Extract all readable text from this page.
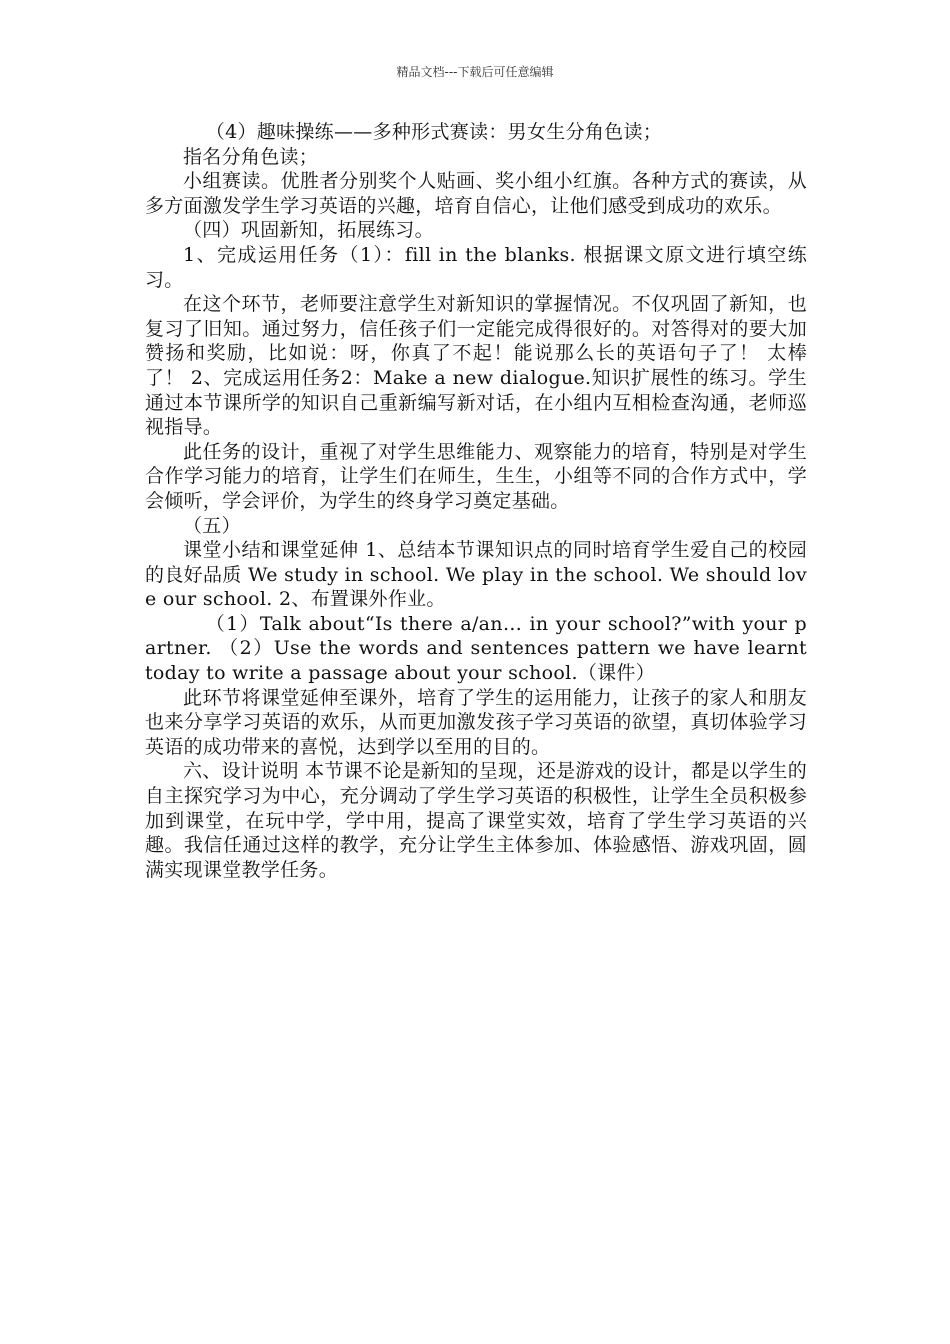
精品文档---下载后可任意编辑

（4）趣味操练——多种形式赛读：男女生分角色读；

指名分角色读；

小组赛读。优胜者分别奖个人贴画、奖小组小红旗。各种方式的赛读，从多方面激发学生学习英语的兴趣，培育自信心，让他们感受到成功的欢乐。

（四）巩固新知，拓展练习。

1、完成运用任务（1）：fill in the blanks. 根据课文原文进行填空练习。

在这个环节，老师要注意学生对新知识的掌握情况。不仅巩固了新知，也复习了旧知。通过努力，信任孩子们一定能完成得很好的。对答得对的要大加赞扬和奖励，比如说：呀，你真了不起！能说那么长的英语句子了！ 太棒了！ 2、完成运用任务2：Make a new dialogue.知识扩展性的练习。学生通过本节课所学的知识自己重新编写新对话，在小组内互相检查沟通，老师巡视指导。

此任务的设计，重视了对学生思维能力、观察能力的培育，特别是对学生合作学习能力的培育，让学生们在师生，生生，小组等不同的合作方式中，学会倾听，学会评价，为学生的终身学习奠定基础。

（五）

课堂小结和课堂延伸 1、总结本节课知识点的同时培育学生爱自己的校园的良好品质 We study in school. We play in the school. We should love our school. 2、布置课外作业。

（1）Talk about“Is there a/an… in your school?”with your partner. （2）Use the words and sentences pattern we have learnt today to write a passage about your school.（课件）

此环节将课堂延伸至课外，培育了学生的运用能力，让孩子的家人和朋友也来分享学习英语的欢乐，从而更加激发孩子学习英语的欲望，真切体验学习英语的成功带来的喜悦，达到学以至用的目的。

六、设计说明 本节课不论是新知的呈现，还是游戏的设计，都是以学生的自主探究学习为中心，充分调动了学生学习英语的积极性，让学生全员积极参加到课堂，在玩中学，学中用，提高了课堂实效，培育了学生学习英语的兴趣。我信任通过这样的教学，充分让学生主体参加、体验感悟、游戏巩固，圆满实现课堂教学任务。
